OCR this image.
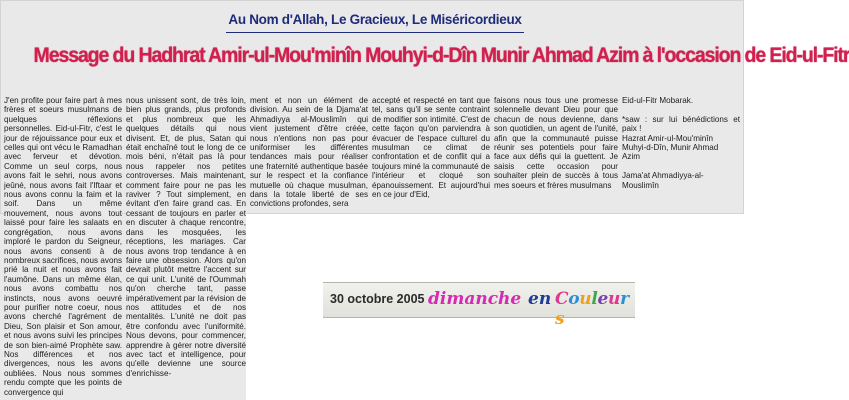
Au Nom d'Allah, Le Gracieux, Le Miséricordieux
Message du Hadhrat Amir-ul-Mou'minîn Mouhyi-d-Dîn Munir Ahmad Azim à l'occasion de Eid-ul-Fitr

J'en profite pour faire part à mes frères et soeurs musulmans de quelques réflexions personnelles. Eid-ul-Fitr, c'est le jour de réjouissance pour eux et celles qui ont vécu le Ramadhan avec ferveur et dévotion. Comme un seul corps, nous avons fait le sehri, nous avons jeûné, nous avons fait l'Iftaar et nous avons connu la faim et la soif. Dans un même mouvement, nous avons tout laissé pour faire les salaats en congrégation, nous avons imploré le pardon du Seigneur, nous avons consenti à de nombreux sacrifices, nous avons prié la nuit et nous avons fait l'aumône. Dans un même élan, nous avons combattu nos instincts, nous avons oeuvré pour purifier notre coeur, nous avons cherché l'agrément de Dieu, Son plaisir et Son amour, et nous avons suivi les principes de son bien-aimé Prophète saw. Nos différences et nos divergences, nous les avons oubliées. Nous nous sommes rendu compte que les points de convergence qui

nous unissent sont, de très loin, bien plus grands, plus profonds et plus nombreux que les quelques détails qui nous divisent. Et, de plus, Satan qui était enchaîné tout le long de ce mois béni, n'était pas là pour nous rappeler nos petites controverses. Mais maintenant, comment faire pour ne pas les raviver ? Tout simplement, en évitant d'en faire grand cas. En cessant de toujours en parler et en discuter à chaque rencontre, dans les mosquées, les réceptions, les mariages. Car nous avons trop tendance à en faire une obsession. Alors qu'on devrait plutôt mettre l'accent sur ce qui unit. L'unité de l'Oummah qu'on cherche tant, passe impérativement par la révision de nos attitudes et de nos mentalités. L'unité ne doit pas être confondu avec l'uniformité. Nous devons, pour commencer, apprendre à gérer notre diversité avec tact et intelligence, pour qu'elle devienne une source d'enrichisse-

ment et non un élément de division. Au sein de la Djama'at Ahmadiyya al-Mouslimîn qui vient justement d'être créée, nous n'entions non pas pour uniformiser les différentes tendances mais pour réaliser une fraternité authentique basée sur le respect et la confiance mutuelle où chaque musulman, dans la totale liberté de ses convictions profondes, sera

accepté et respecté en tant que tel, sans qu'il se sente contraint de modifier son intimité. C'est de cette façon qu'on parviendra à évacuer de l'espace culturel du musulman ce climat de confrontation et de conflit qui a toujours miné la communauté de l'intérieur et cloqué son épanouissement. Et aujourd'hui en ce jour d'Eid,

faisons nous tous une promesse solennelle devant Dieu pour que chacun de nous devienne, dans son quotidien, un agent de l'unité, afin que la communauté puisse réunir ses potentiels pour faire face aux défis qui la guettent. Je saisis cette occasion pour souhaiter plein de succès à tous mes soeurs et frères musulmans

Eid-ul-Fitr Mobarak.

*saw : sur lui bénédictions et paix !
Hazrat Amir-ul-Mou'minîn
Muhyi-d-Dîn, Munir Ahmad
Azim

Jama'at Ahmadiyya-al-
Mouslimîn

30 octobre 2005 dimanche en Couleurs
